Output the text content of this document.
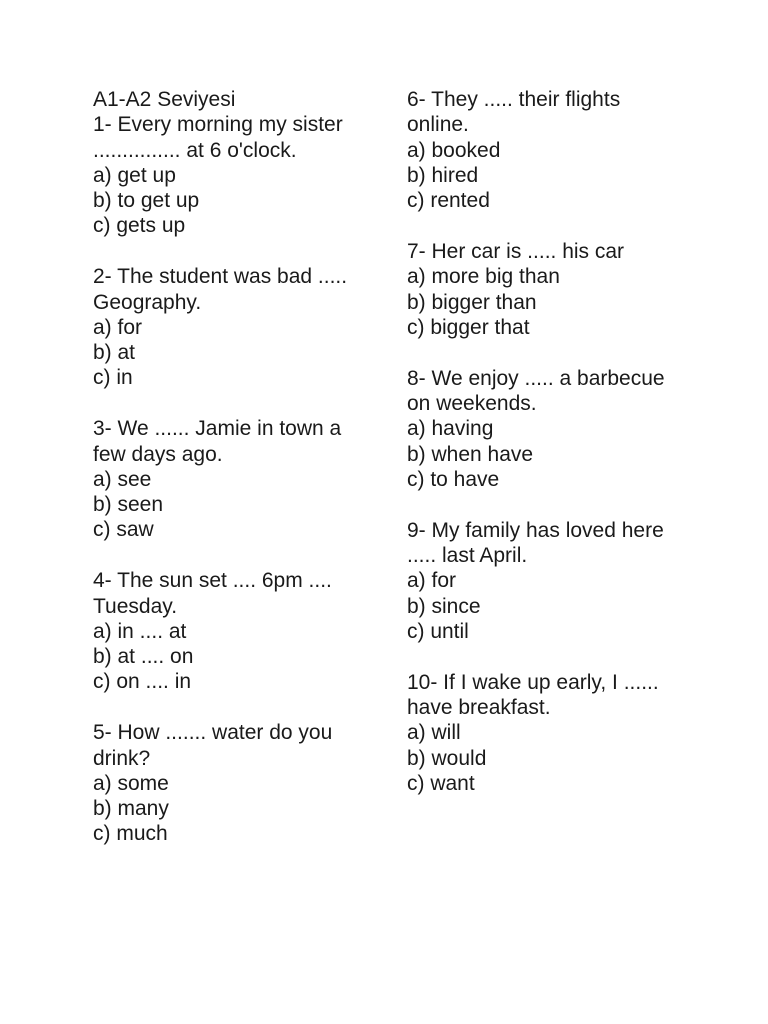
A1-A2 Seviyesi
1- Every morning my sister ............... at 6 o'clock.
a) get up
b) to get up
c) gets up
2- The student was bad ..... Geography.
a) for
b) at
c) in
3- We ...... Jamie in town a few days ago.
a) see
b) seen
c) saw
4- The sun set .... 6pm .... Tuesday.
a) in .... at
b) at .... on
c) on .... in
5- How ....... water do you drink?
a) some
b) many
c) much
6- They ..... their flights online.
a) booked
b) hired
c) rented
7- Her car is ..... his car
a) more big than
b) bigger than
c) bigger that
8- We enjoy ..... a barbecue on weekends.
a) having
b) when have
c) to have
9- My family has loved here ..... last April.
a) for
b) since
c) until
10- If I wake up early, I ...... have breakfast.
a) will
b) would
c) want
